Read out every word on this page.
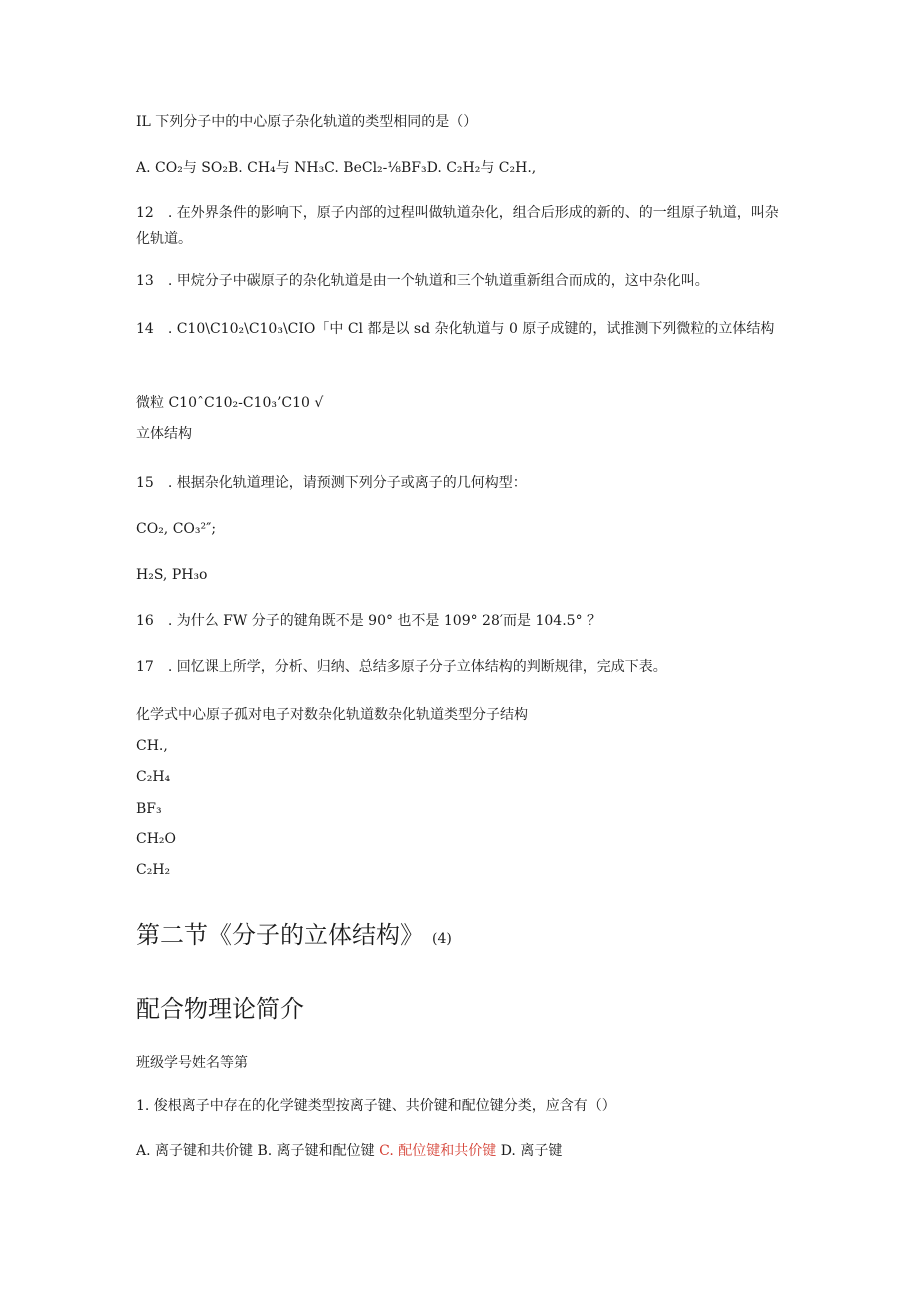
IL 下列分子中的中心原子杂化轨道的类型相同的是（）
A. CO₂与 SO₂B. CH₄与 NH₃C. BeCl₂-⅛BF₃D. C₂H₂与 C₂H.,
12　. 在外界条件的影响下，原子内部的过程叫做轨道杂化，组合后形成的新的、的一组原子轨道，叫杂化轨道。
13　. 甲烷分子中碳原子的杂化轨道是由一个轨道和三个轨道重新组合而成的，这中杂化叫。
14　. C10\C10₂\C10₃\CIO「中 Cl 都是以 sd 杂化轨道与 0 原子成键的，试推测下列微粒的立体结构
微粒 C10ˆC10₂-C10₃’C10 √
立体结构
15　. 根据杂化轨道理论，请预测下列分子或离子的几何构型：
CO₂, CO₃²″;
H₂S, PH₃o
16　. 为什么 FW 分子的键角既不是 90° 也不是 109° 28′而是 104.5° ？
17　. 回忆课上所学，分析、归纳、总结多原子分子立体结构的判断规律，完成下表。
化学式中心原子孤对电子对数杂化轨道数杂化轨道类型分子结构
CH.,
C₂H₄
BF₃
CH₂O
C₂H₂
第二节《分子的立体结构》 (4)
配合物理论简介
班级学号姓名等第
1. 俊根离子中存在的化学键类型按离子键、共价键和配位键分类，应含有（）
A. 离子键和共价键 B. 离子键和配位键 C. 配位键和共价键 D. 离子键
